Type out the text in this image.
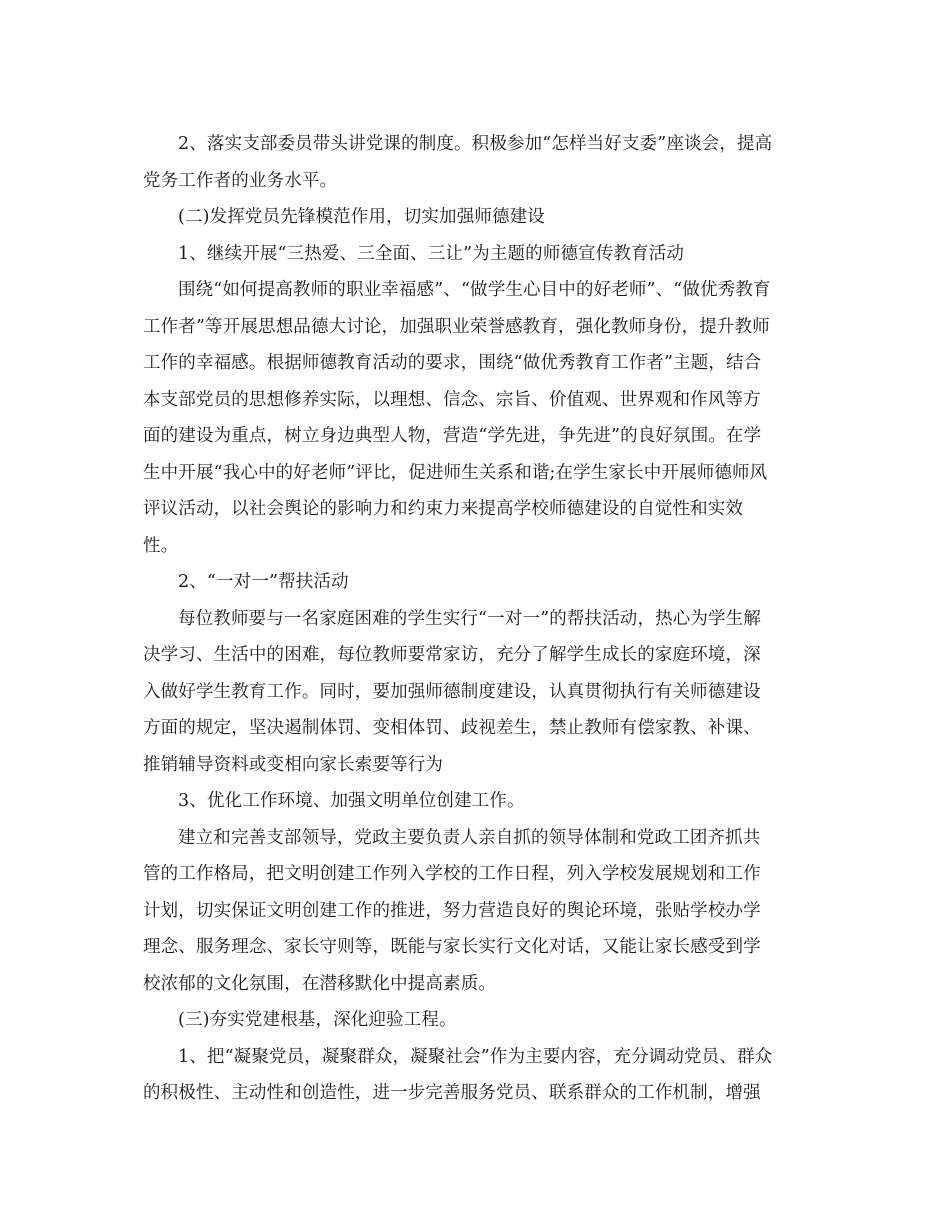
2、落实支部委员带头讲党课的制度。积极参加“怎样当好支委”座谈会，提高
党务工作者的业务水平。

(二)发挥党员先锋模范作用，切实加强师德建设

1、继续开展“三热爱、三全面、三让”为主题的师德宣传教育活动

围绕“如何提高教师的职业幸福感”、“做学生心目中的好老师”、“做优秀教育
工作者”等开展思想品德大讨论，加强职业荣誉感教育，强化教师身份，提升教师
工作的幸福感。根据师德教育活动的要求，围绕“做优秀教育工作者”主题，结合
本支部党员的思想修养实际，以理想、信念、宗旨、价值观、世界观和作风等方
面的建设为重点，树立身边典型人物，营造“学先进，争先进”的良好氛围。在学
生中开展“我心中的好老师”评比，促进师生关系和谐;在学生家长中开展师德师风
评议活动，以社会舆论的影响力和约束力来提高学校师德建设的自觉性和实效
性。

2、“一对一”帮扶活动

每位教师要与一名家庭困难的学生实行“一对一”的帮扶活动，热心为学生解
决学习、生活中的困难，每位教师要常家访，充分了解学生成长的家庭环境，深
入做好学生教育工作。同时，要加强师德制度建设，认真贯彻执行有关师德建设
方面的规定，坚决遏制体罚、变相体罚、歧视差生，禁止教师有偿家教、补课、
推销辅导资料或变相向家长索要等行为

3、优化工作环境、加强文明单位创建工作。

建立和完善支部领导，党政主要负责人亲自抓的领导体制和党政工团齐抓共
管的工作格局，把文明创建工作列入学校的工作日程，列入学校发展规划和工作
计划，切实保证文明创建工作的推进，努力营造良好的舆论环境，张贴学校办学
理念、服务理念、家长守则等，既能与家长实行文化对话，又能让家长感受到学
校浓郁的文化氛围，在潜移默化中提高素质。

(三)夯实党建根基，深化迎验工程。

1、把“凝聚党员，凝聚群众，凝聚社会”作为主要内容，充分调动党员、群众
的积极性、主动性和创造性，进一步完善服务党员、联系群众的工作机制，增强
